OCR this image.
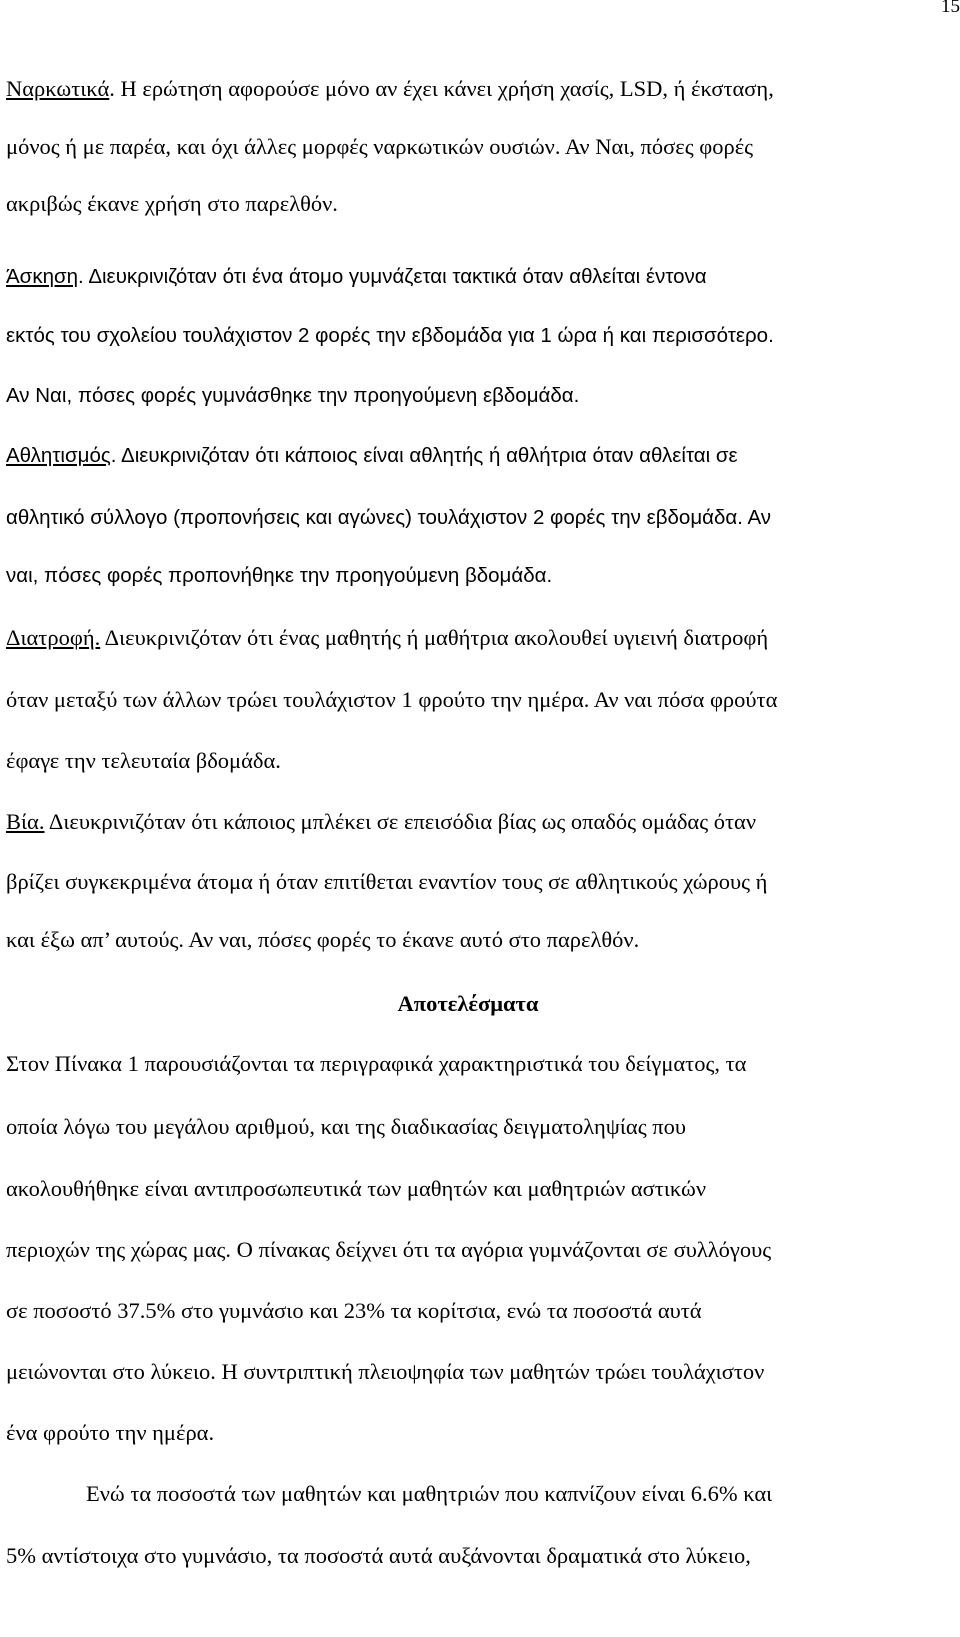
15
Ναρκωτικά. Η ερώτηση αφορούσε μόνο αν έχει κάνει χρήση χασίς, LSD, ή έκσταση,
μόνος ή με παρέα, και όχι άλλες μορφές ναρκωτικών ουσιών. Αν Ναι, πόσες φορές
ακριβώς έκανε χρήση στο παρελθόν.
Άσκηση. Διευκρινιζόταν ότι ένα άτομο γυμνάζεται τακτικά όταν αθλείται έντονα
εκτός του σχολείου τουλάχιστον 2 φορές την εβδομάδα για 1 ώρα ή και περισσότερο.
Αν Ναι, πόσες φορές γυμνάσθηκε την προηγούμενη εβδομάδα.
Αθλητισμός. Διευκρινιζόταν ότι κάποιος είναι αθλητής ή αθλήτρια όταν αθλείται σε
αθλητικό σύλλογο (προπονήσεις και αγώνες) τουλάχιστον 2 φορές την εβδομάδα. Αν
ναι, πόσες φορές προπονήθηκε την προηγούμενη βδομάδα.
Διατροφή. Διευκρινιζόταν ότι ένας μαθητής ή μαθήτρια ακολουθεί υγιεινή διατροφή
όταν μεταξύ των άλλων τρώει τουλάχιστον 1 φρούτο την ημέρα. Αν ναι πόσα φρούτα
έφαγε την τελευταία βδομάδα.
Βία. Διευκρινιζόταν ότι κάποιος μπλέκει σε επεισόδια βίας ως οπαδός ομάδας όταν
βρίζει συγκεκριμένα άτομα ή όταν επιτίθεται εναντίον τους σε αθλητικούς χώρους ή
και έξω απ’ αυτούς. Αν ναι, πόσες φορές το έκανε αυτό στο παρελθόν.
Αποτελέσματα
Στον Πίνακα 1 παρουσιάζονται τα περιγραφικά χαρακτηριστικά του δείγματος, τα
οποία λόγω του μεγάλου αριθμού, και της διαδικασίας δειγματοληψίας που
ακολουθήθηκε είναι αντιπροσωπευτικά των μαθητών και μαθητριών αστικών
περιοχών της χώρας μας. Ο πίνακας δείχνει ότι τα αγόρια γυμνάζονται σε συλλόγους
σε ποσοστό 37.5% στο γυμνάσιο και 23% τα κορίτσια, ενώ τα ποσοστά αυτά
μειώνονται στο λύκειο. Η συντριπτική πλειοψηφία των μαθητών τρώει τουλάχιστον
ένα φρούτο την ημέρα.
Ενώ τα ποσοστά των μαθητών και μαθητριών που καπνίζουν είναι 6.6% και
5% αντίστοιχα στο γυμνάσιο, τα ποσοστά αυτά αυξάνονται δραματικά στο λύκειο,
